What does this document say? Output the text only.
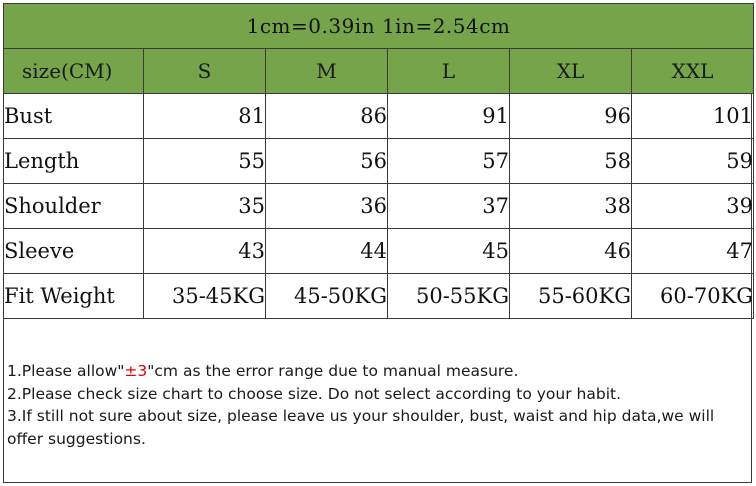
1cm=0.39in 1in=2.54cm					
size(CM)	S	M	L	XL	XXL
Bust	81	86	91	96	101
Length	55	56	57	58	59
Shoulder	35	36	37	38	39
Sleeve	43	44	45	46	47
Fit Weight	35-45KG	45-50KG	50-55KG	55-60KG	60-70KG

1.Please allow"±3"cm as the error range due to manual measure.

2.Please check size chart to choose size. Do not select according to your habit.

3.If still not sure about size, please leave us your shoulder, bust, waist and hip data,we will offer suggestions.
